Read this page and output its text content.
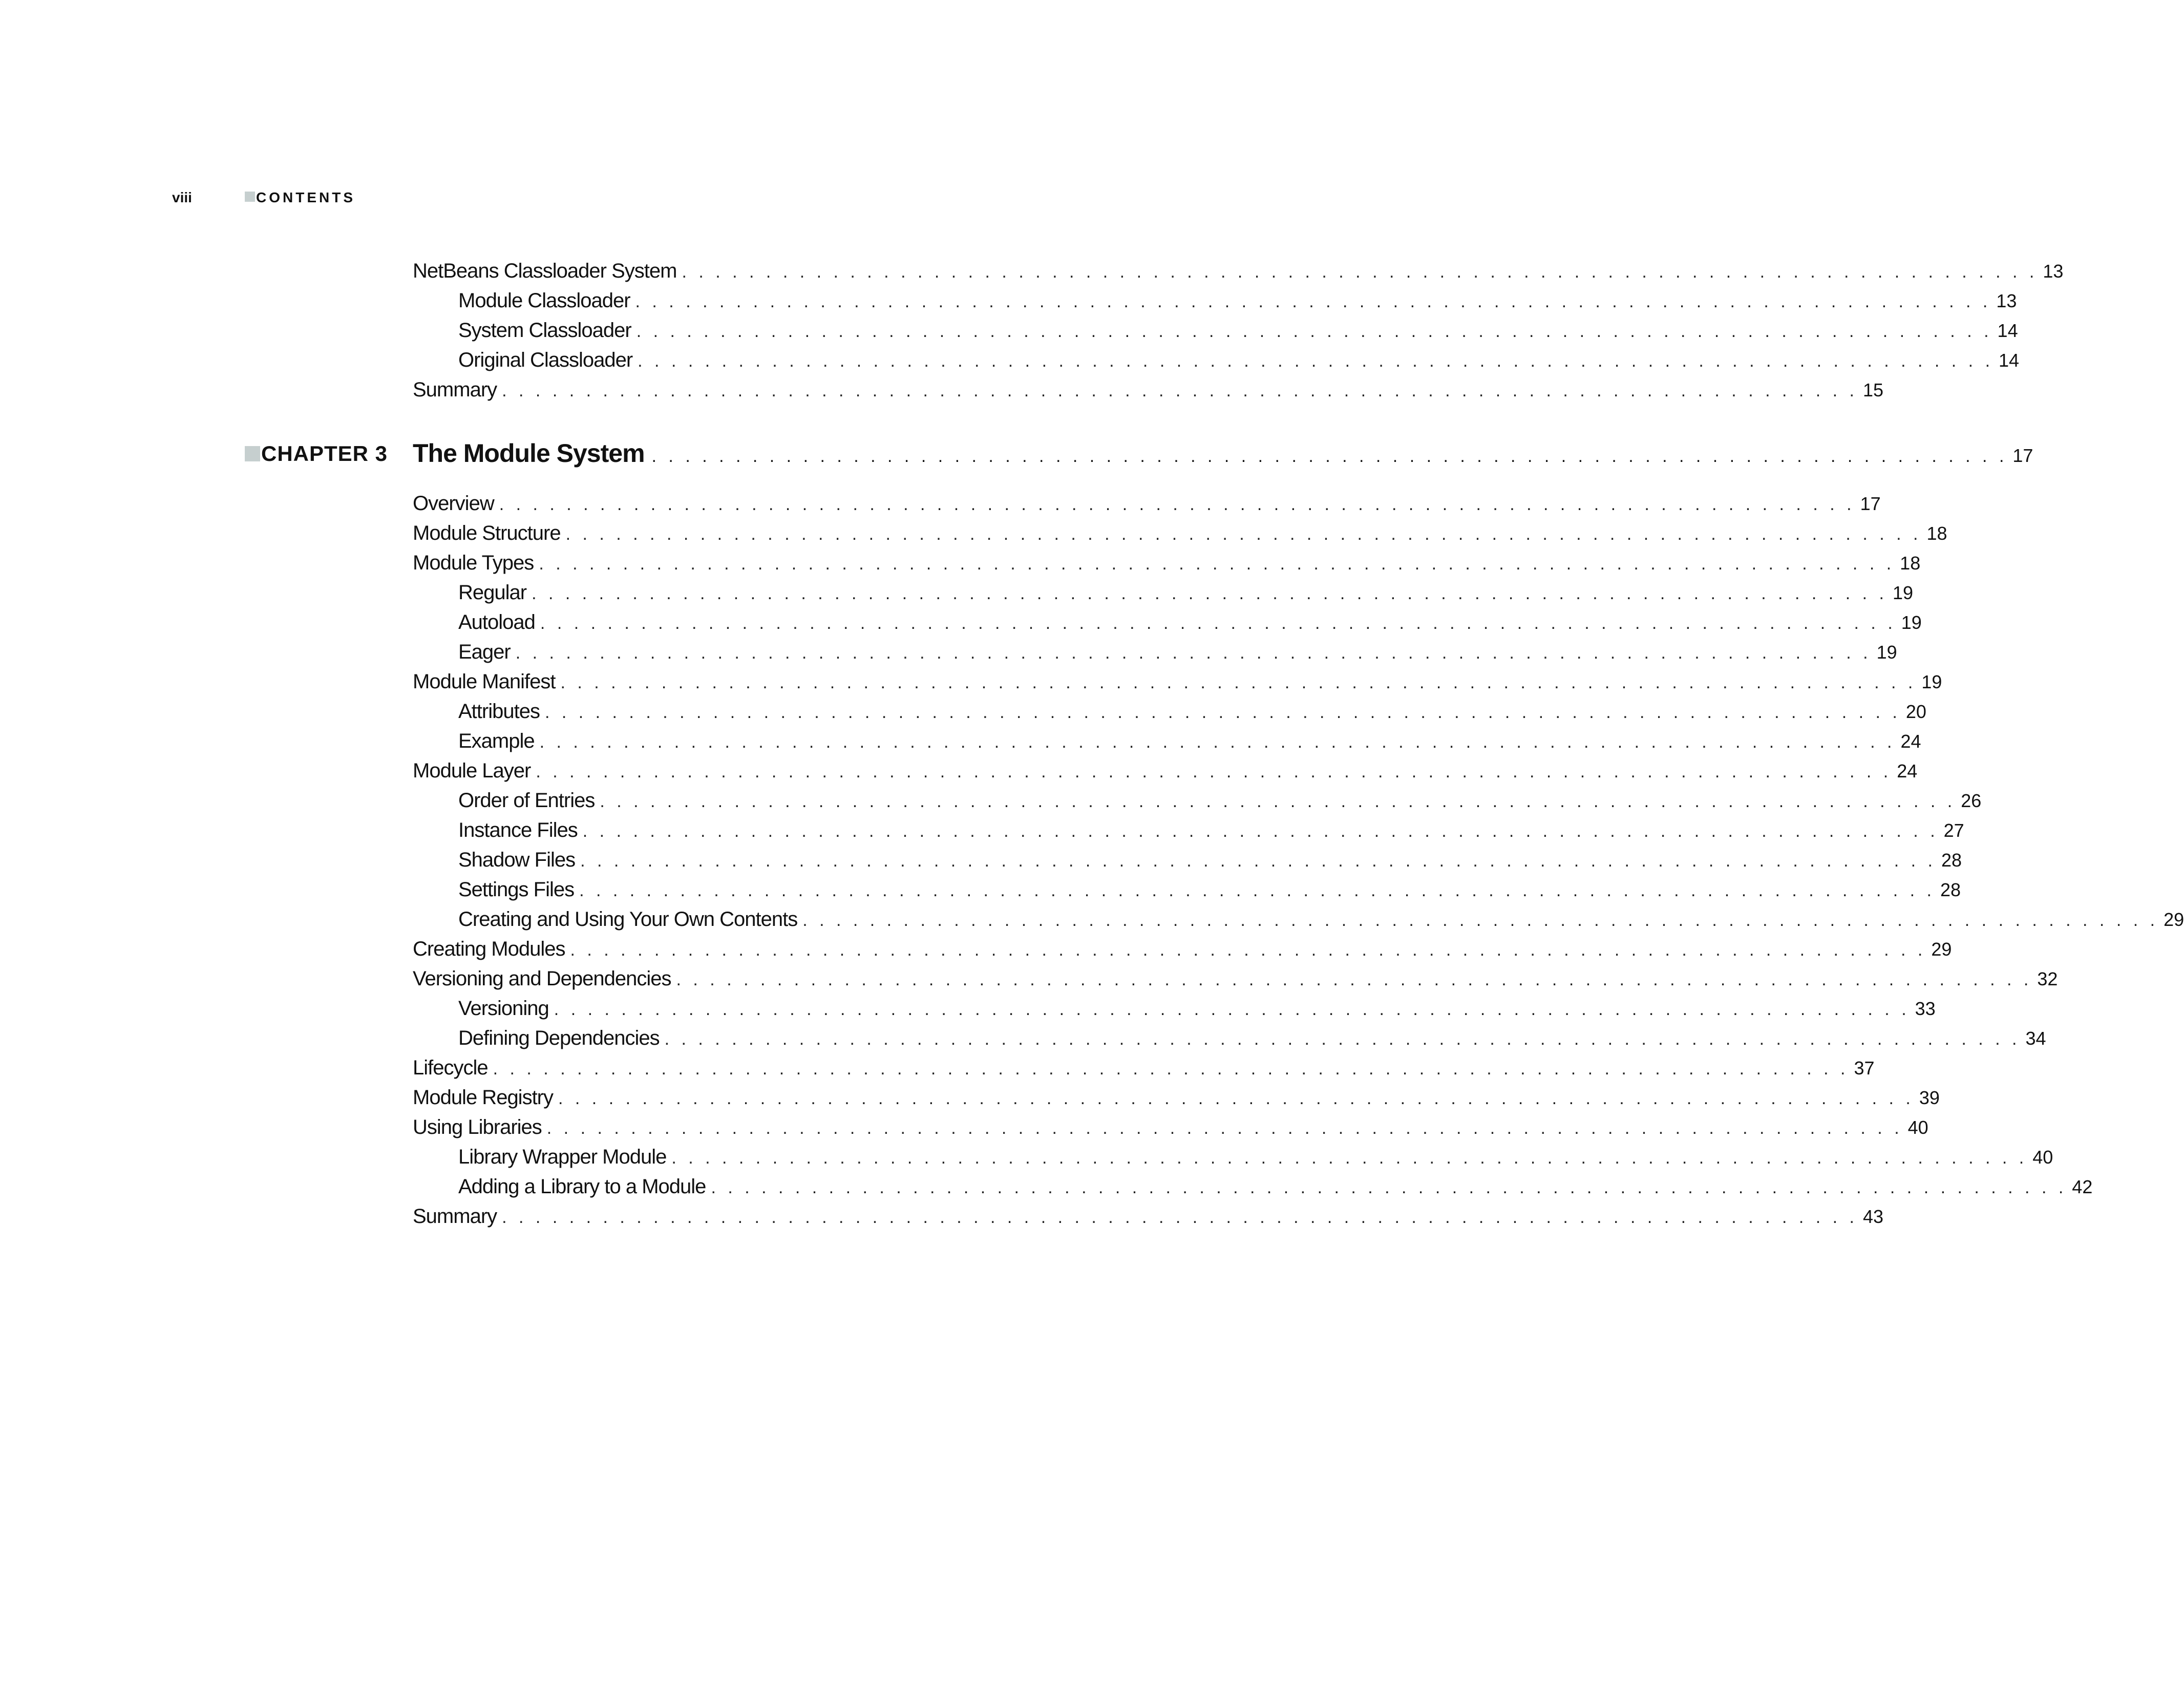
viii	CONTENTS
NetBeans Classloader System . . . . . . . . . . . . . . . . . . . . . . . . . . . . . . . . . . . . . . . . . . . . . . . . . . . . . . . . . . . . . . . . . . . . . . . . . . . . . . . . . 13
Module Classloader . . . . . . . . . . . . . . . . . . . . . . . . . . . . . . . . . . . . . . . . . . . . . . . . . . . . . . . . . . . . . . . . . . . . . . . . . . . . . . . . . 13
System Classloader . . . . . . . . . . . . . . . . . . . . . . . . . . . . . . . . . . . . . . . . . . . . . . . . . . . . . . . . . . . . . . . . . . . . . . . . . . . . . . . . . 14
Original Classloader . . . . . . . . . . . . . . . . . . . . . . . . . . . . . . . . . . . . . . . . . . . . . . . . . . . . . . . . . . . . . . . . . . . . . . . . . . . . . . . . . 14
Summary . . . . . . . . . . . . . . . . . . . . . . . . . . . . . . . . . . . . . . . . . . . . . . . . . . . . . . . . . . . . . . . . . . . . . . . . . . . . . . . . . 15
CHAPTER 3 The Module System . . . . . . . . . . . . . . . . . . . . . . . . . . . . . . . . . . . . . . . . . . . . . . . . . . . . . . . . . . . . . . . . . . . . . . . . . . . . . . . . . 17
Overview . . . . . . . . . . . . . . . . . . . . . . . . . . . . . . . . . . . . . . . . . . . . . . . . . . . . . . . . . . . . . . . . . . . . . . . . . . . . . . . . . 17
Module Structure . . . . . . . . . . . . . . . . . . . . . . . . . . . . . . . . . . . . . . . . . . . . . . . . . . . . . . . . . . . . . . . . . . . . . . . . . . . . . . . . . 18
Module Types . . . . . . . . . . . . . . . . . . . . . . . . . . . . . . . . . . . . . . . . . . . . . . . . . . . . . . . . . . . . . . . . . . . . . . . . . . . . . . . . . 18
Regular . . . . . . . . . . . . . . . . . . . . . . . . . . . . . . . . . . . . . . . . . . . . . . . . . . . . . . . . . . . . . . . . . . . . . . . . . . . . . . . . . 19
Autoload . . . . . . . . . . . . . . . . . . . . . . . . . . . . . . . . . . . . . . . . . . . . . . . . . . . . . . . . . . . . . . . . . . . . . . . . . . . . . . . . . 19
Eager . . . . . . . . . . . . . . . . . . . . . . . . . . . . . . . . . . . . . . . . . . . . . . . . . . . . . . . . . . . . . . . . . . . . . . . . . . . . . . . . . 19
Module Manifest . . . . . . . . . . . . . . . . . . . . . . . . . . . . . . . . . . . . . . . . . . . . . . . . . . . . . . . . . . . . . . . . . . . . . . . . . . . . . . . . . 19
Attributes . . . . . . . . . . . . . . . . . . . . . . . . . . . . . . . . . . . . . . . . . . . . . . . . . . . . . . . . . . . . . . . . . . . . . . . . . . . . . . . . . 20
Example . . . . . . . . . . . . . . . . . . . . . . . . . . . . . . . . . . . . . . . . . . . . . . . . . . . . . . . . . . . . . . . . . . . . . . . . . . . . . . . . . 24
Module Layer . . . . . . . . . . . . . . . . . . . . . . . . . . . . . . . . . . . . . . . . . . . . . . . . . . . . . . . . . . . . . . . . . . . . . . . . . . . . . . . . . 24
Order of Entries . . . . . . . . . . . . . . . . . . . . . . . . . . . . . . . . . . . . . . . . . . . . . . . . . . . . . . . . . . . . . . . . . . . . . . . . . . . . . . . . . 26
Instance Files . . . . . . . . . . . . . . . . . . . . . . . . . . . . . . . . . . . . . . . . . . . . . . . . . . . . . . . . . . . . . . . . . . . . . . . . . . . . . . . . . 27
Shadow Files . . . . . . . . . . . . . . . . . . . . . . . . . . . . . . . . . . . . . . . . . . . . . . . . . . . . . . . . . . . . . . . . . . . . . . . . . . . . . . . . . 28
Settings Files . . . . . . . . . . . . . . . . . . . . . . . . . . . . . . . . . . . . . . . . . . . . . . . . . . . . . . . . . . . . . . . . . . . . . . . . . . . . . . . . . 28
Creating and Using Your Own Contents . . . . . . . . . . . . . . . . . . . . . . . . . . . . . . . . . . . . . . . . . . . . . . . . . . . . . . . . . . . . . . . . . . . . . . . . . . . . . . . . . 29
Creating Modules . . . . . . . . . . . . . . . . . . . . . . . . . . . . . . . . . . . . . . . . . . . . . . . . . . . . . . . . . . . . . . . . . . . . . . . . . . . . . . . . . 29
Versioning and Dependencies . . . . . . . . . . . . . . . . . . . . . . . . . . . . . . . . . . . . . . . . . . . . . . . . . . . . . . . . . . . . . . . . . . . . . . . . . . . . . . . . . 32
Versioning . . . . . . . . . . . . . . . . . . . . . . . . . . . . . . . . . . . . . . . . . . . . . . . . . . . . . . . . . . . . . . . . . . . . . . . . . . . . . . . . . 33
Defining Dependencies . . . . . . . . . . . . . . . . . . . . . . . . . . . . . . . . . . . . . . . . . . . . . . . . . . . . . . . . . . . . . . . . . . . . . . . . . . . . . . . . . 34
Lifecycle . . . . . . . . . . . . . . . . . . . . . . . . . . . . . . . . . . . . . . . . . . . . . . . . . . . . . . . . . . . . . . . . . . . . . . . . . . . . . . . . . 37
Module Registry . . . . . . . . . . . . . . . . . . . . . . . . . . . . . . . . . . . . . . . . . . . . . . . . . . . . . . . . . . . . . . . . . . . . . . . . . . . . . . . . . 39
Using Libraries . . . . . . . . . . . . . . . . . . . . . . . . . . . . . . . . . . . . . . . . . . . . . . . . . . . . . . . . . . . . . . . . . . . . . . . . . . . . . . . . . 40
Library Wrapper Module . . . . . . . . . . . . . . . . . . . . . . . . . . . . . . . . . . . . . . . . . . . . . . . . . . . . . . . . . . . . . . . . . . . . . . . . . . . . . . . . . 40
Adding a Library to a Module . . . . . . . . . . . . . . . . . . . . . . . . . . . . . . . . . . . . . . . . . . . . . . . . . . . . . . . . . . . . . . . . . . . . . . . . . . . . . . . . . 42
Summary . . . . . . . . . . . . . . . . . . . . . . . . . . . . . . . . . . . . . . . . . . . . . . . . . . . . . . . . . . . . . . . . . . . . . . . . . . . . . . . . . 43
